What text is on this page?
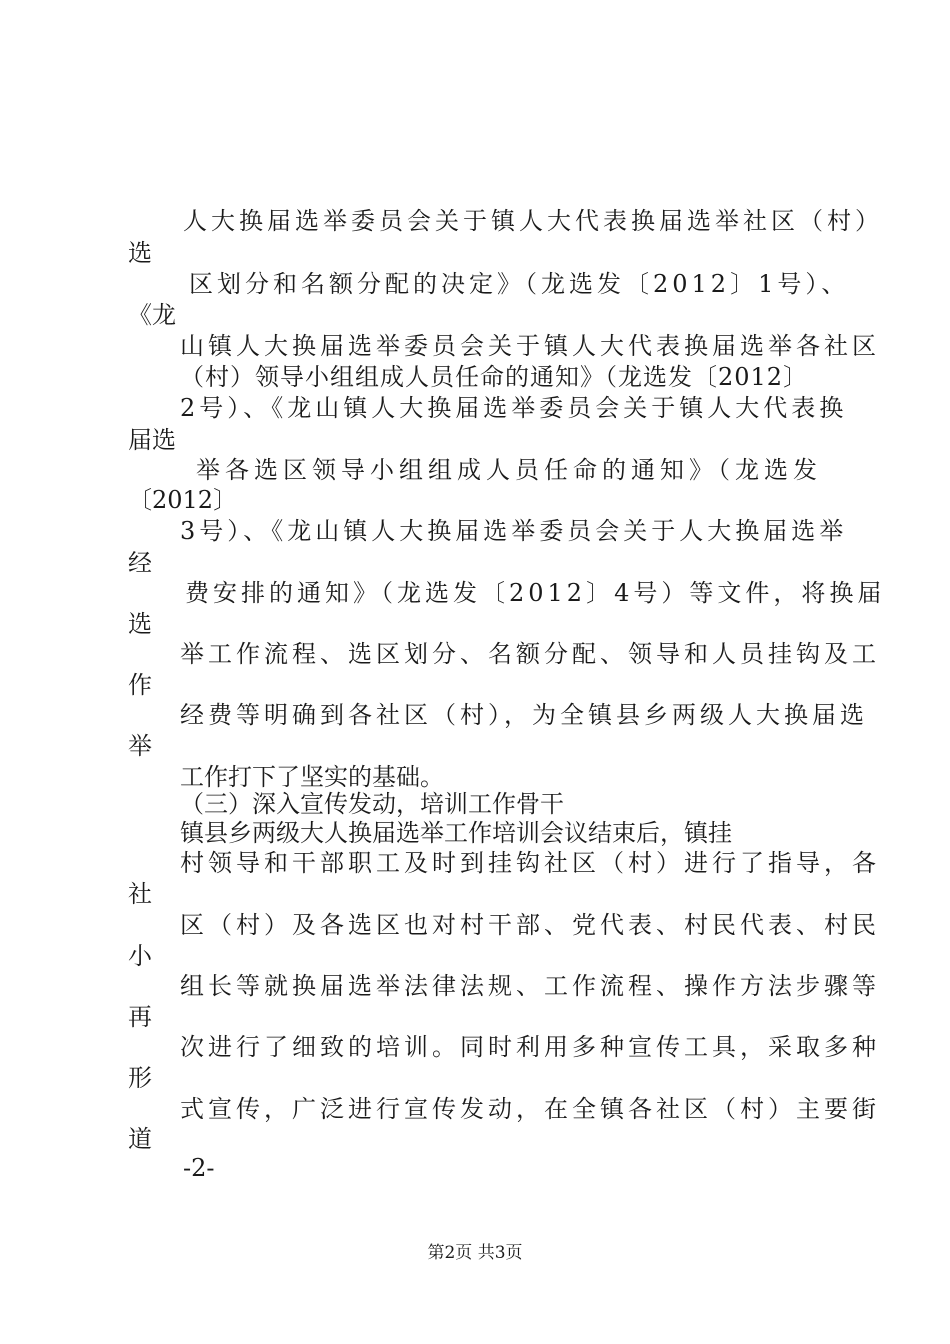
人大换届选举委员会关于镇人大代表换届选举社区（村）
选
区划分和名额分配的决定》（龙选发〔2012〕1号）、
《龙
山镇人大换届选举委员会关于镇人大代表换届选举各社区
（村）领导小组组成人员任命的通知》（龙选发〔2012〕
2号）、《龙山镇人大换届选举委员会关于镇人大代表换
届选
举各选区领导小组组成人员任命的通知》（龙选发
〔2012〕
3号）、《龙山镇人大换届选举委员会关于人大换届选举
经
费安排的通知》（龙选发〔2012〕4号）等文件，将换届
选
举工作流程、选区划分、名额分配、领导和人员挂钩及工
作
经费等明确到各社区（村），为全镇县乡两级人大换届选
举
工作打下了坚实的基础。
（三）深入宣传发动，培训工作骨干
镇县乡两级大人换届选举工作培训会议结束后，镇挂
村领导和干部职工及时到挂钩社区（村）进行了指导，各
社
区（村）及各选区也对村干部、党代表、村民代表、村民
小
组长等就换届选举法律法规、工作流程、操作方法步骤等
再
次进行了细致的培训。同时利用多种宣传工具，采取多种
形
式宣传，广泛进行宣传发动，在全镇各社区（村）主要街
道
-2-
第2页 共3页
